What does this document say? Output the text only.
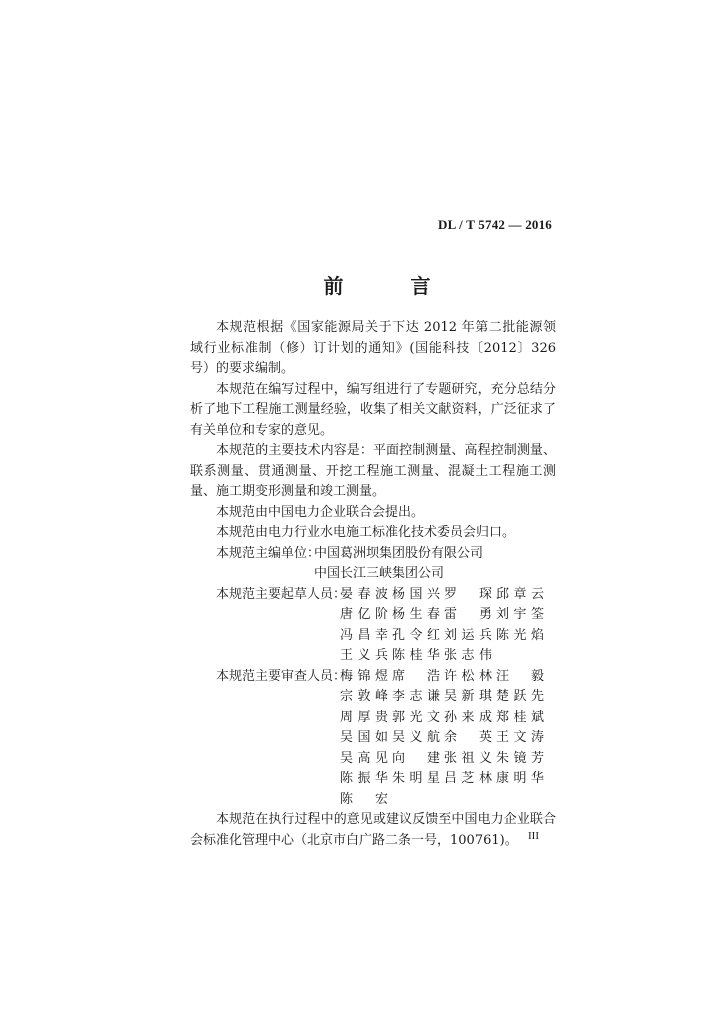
DL / T 5742 — 2016
前 言

本规范根据《国家能源局关于下达 2012 年第二批能源领域行业标准制（修）订计划的通知》(国能科技〔2012〕326 号）的要求编制。

本规范在编写过程中，编写组进行了专题研究，充分总结分析了地下工程施工测量经验，收集了相关文献资料，广泛征求了有关单位和专家的意见。

本规范的主要技术内容是：平面控制测量、高程控制测量、联系测量、贯通测量、开挖工程施工测量、混凝土工程施工测量、施工期变形测量和竣工测量。

本规范由中国电力企业联合会提出。

本规范由电力行业水电施工标准化技术委员会归口。

本规范主编单位：
中国葛洲坝集团股份有限公司
中国长江三峡集团公司
本规范主要起草人员：
晏春波 杨国兴 罗 琛 邱章云
唐亿阶 杨生春 雷 勇 刘宇筌
冯昌幸 孔令红 刘运兵 陈光焰
王义兵 陈桂华 张志伟
本规范主要审查人员：
梅锦煜 席 浩 许松林 汪 毅
宗敦峰 李志谦 吴新琪 楚跃先
周厚贵 郭光文 孙来成 郑桂斌
吴国如 吴义航 余 英 王文涛
吴高见 向 建 张祖义 朱镜芳
陈振华 朱明星 吕芝林 康明华
陈 宏

本规范在执行过程中的意见或建议反馈至中国电力企业联合会标准化管理中心（北京市白广路二条一号，100761)。 III
